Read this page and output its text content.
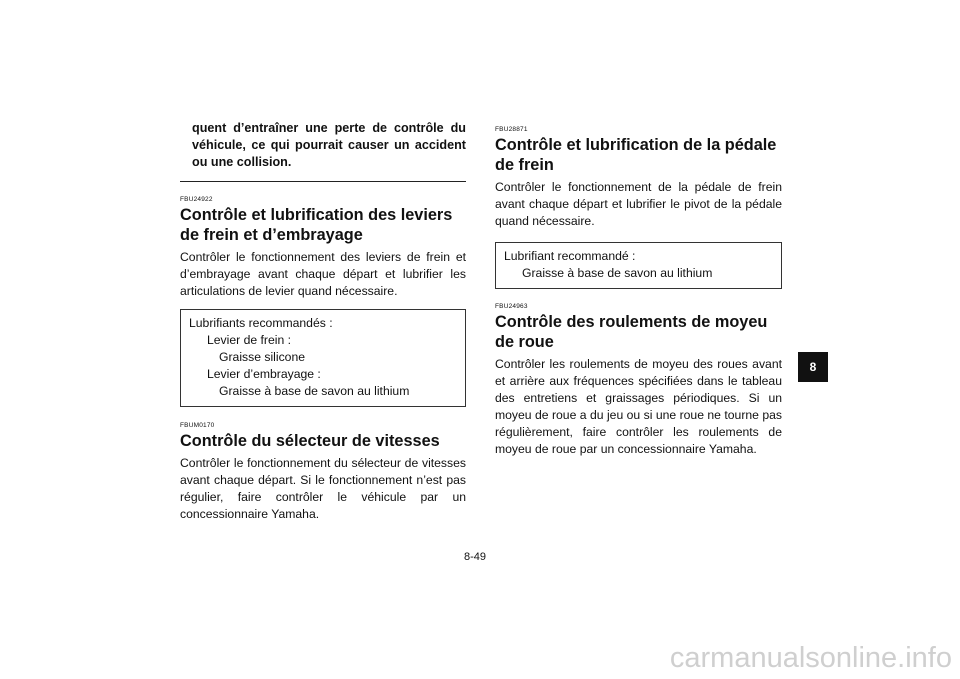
quent d’entraîner une perte de contrôle du véhicule, ce qui pourrait causer un accident ou une collision.

FBU24922

Contrôle et lubrification des leviers de frein et d’embrayage

Contrôler le fonctionnement des leviers de frein et d’embrayage avant chaque départ et lubrifier les articulations de levier quand nécessaire.

Lubrifiants recommandés :
Levier de frein :
Graisse silicone
Levier d’embrayage :
Graisse à base de savon au lithium

FBUM0170

Contrôle du sélecteur de vitesses

Contrôler le fonctionnement du sélecteur de vitesses avant chaque départ. Si le fonctionnement n’est pas régulier, faire contrôler le véhicule par un concessionnaire Yamaha.

FBU28871

Contrôle et lubrification de la pédale de frein

Contrôler le fonctionnement de la pédale de frein avant chaque départ et lubrifier le pivot de la pédale quand nécessaire.

Lubrifiant recommandé :
Graisse à base de savon au lithium

FBU24963

Contrôle des roulements de moyeu de roue

Contrôler les roulements de moyeu des roues avant et arrière aux fréquences spécifiées dans le tableau des entretiens et graissages périodiques. Si un moyeu de roue a du jeu ou si une roue ne tourne pas régulièrement, faire contrôler les roulements de moyeu de roue par un concessionnaire Yamaha.

8-49
8
carmanualsonline.info
